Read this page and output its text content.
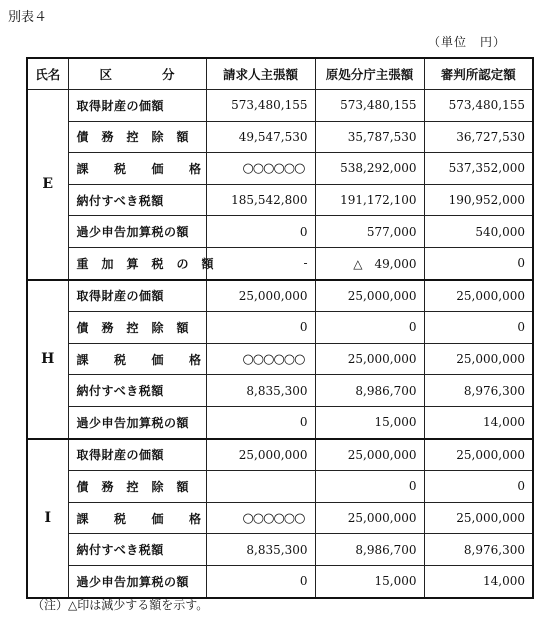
別表４
（単位　円）
氏名	区　　　　分	請求人主張額	原処分庁主張額	審判所認定額
E	取得財産の価額	573,480,155	573,480,155	573,480,155
	債　務　控　除　額	49,547,530	35,787,530	36,727,530
	課　　税　　価　　格	○○○○○○	538,292,000	537,352,000
	納付すべき税額	185,542,800	191,172,100	190,952,000
	過少申告加算税の額	0	577,000	540,000
	重　加　算　税　の　額	-	△　49,000	0
H	取得財産の価額	25,000,000	25,000,000	25,000,000
	債　務　控　除　額	0	0	0
	課　　税　　価　　格	○○○○○○	25,000,000	25,000,000
	納付すべき税額	8,835,300	8,986,700	8,976,300
	過少申告加算税の額	0	15,000	14,000
I	取得財産の価額	25,000,000	25,000,000	25,000,000
	債　務　控　除　額		0	0
	課　　税　　価　　格	○○○○○○	25,000,000	25,000,000
	納付すべき税額	8,835,300	8,986,700	8,976,300
	過少申告加算税の額	0	15,000	14,000
（注）△印は減少する額を示す。
